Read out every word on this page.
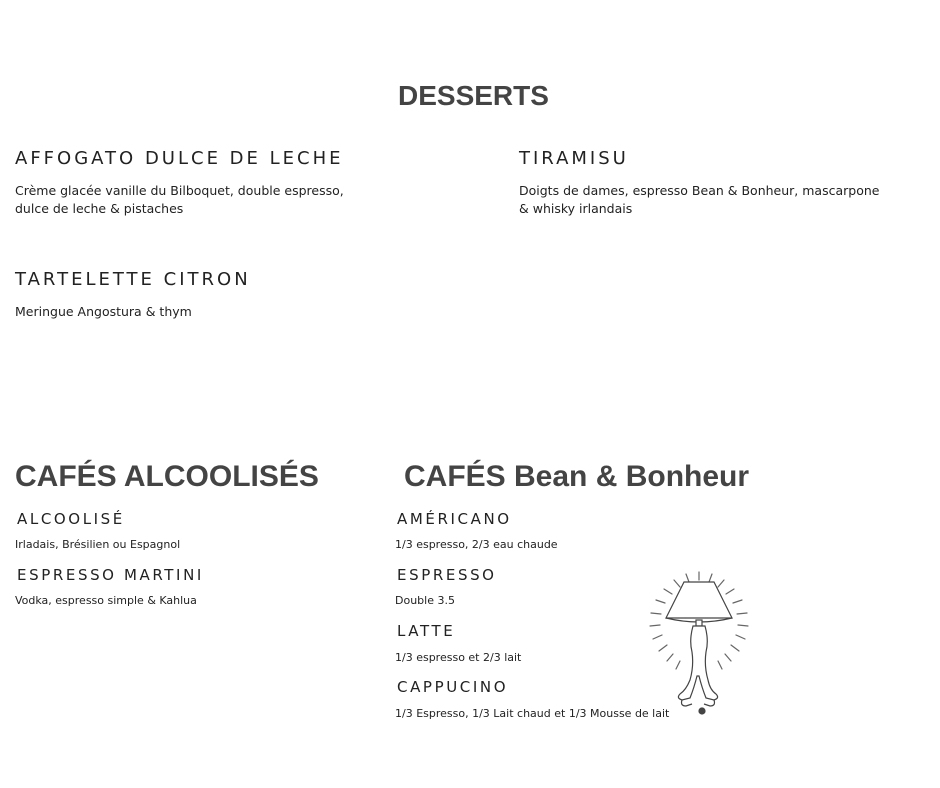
DESSERTS
AFFOGATO DULCE DE LECHE
Crème glacée vanille du Bilboquet, double espresso,
dulce de leche & pistaches
TIRAMISU
Doigts de dames, espresso Bean & Bonheur, mascarpone
& whisky irlandais
TARTELETTE CITRON
Meringue Angostura & thym
CAFÉS ALCOOLISÉS
ALCOOLISÉ
Irladais, Brésilien ou Espagnol
ESPRESSO MARTINI
Vodka, espresso simple & Kahlua
CAFÉS Bean & Bonheur
AMÉRICANO
1/3 espresso, 2/3 eau chaude
ESPRESSO
Double 3.5
LATTE
1/3 espresso et 2/3 lait
CAPPUCINO
1/3 Espresso, 1/3 Lait chaud et 1/3 Mousse de lait
